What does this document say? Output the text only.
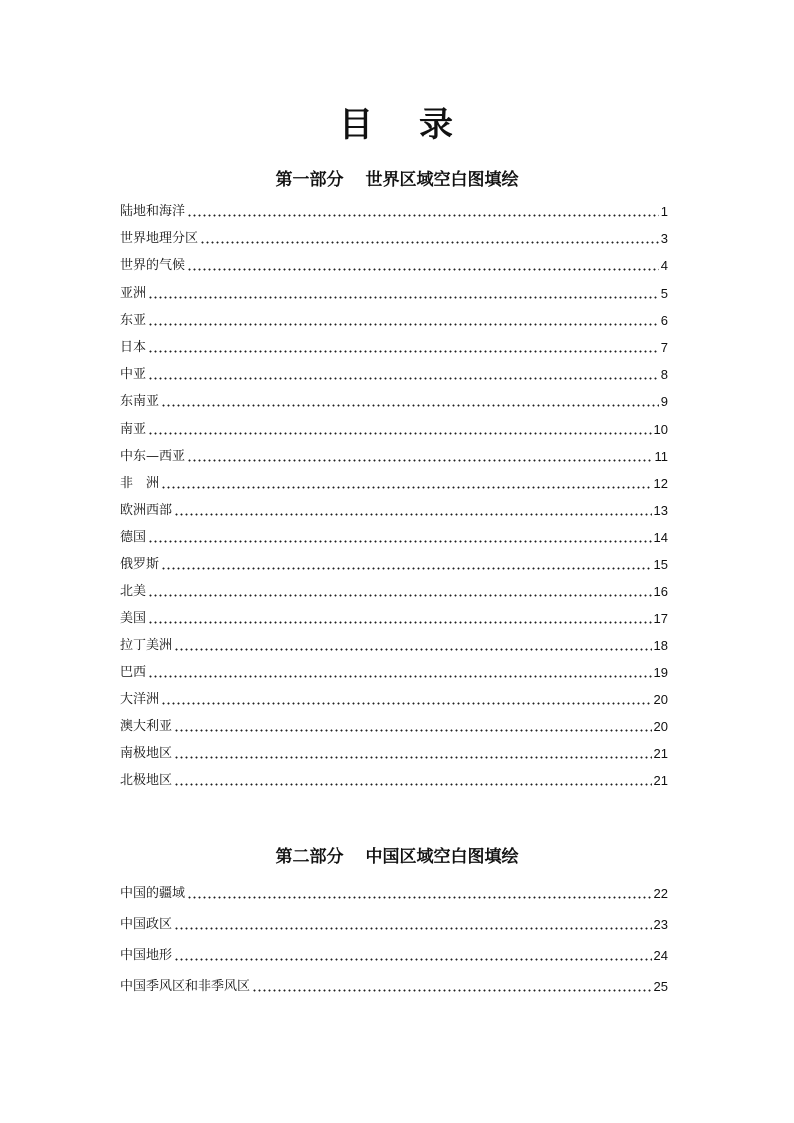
目 录
第一部分 世界区域空白图填绘
陆地和海洋	1
世界地理分区	3
世界的气候	4
亚洲	5
东亚	6
日本	7
中亚	8
东南亚	9
南亚	10
中东—西亚	11
非　洲	12
欧洲西部	13
德国	14
俄罗斯	15
北美	16
美国	17
拉丁美洲	18
巴西	19
大洋洲	20
澳大利亚	20
南极地区	21
北极地区	21
第二部分 中国区域空白图填绘
中国的疆域	22
中国政区	23
中国地形	24
中国季风区和非季风区	25
